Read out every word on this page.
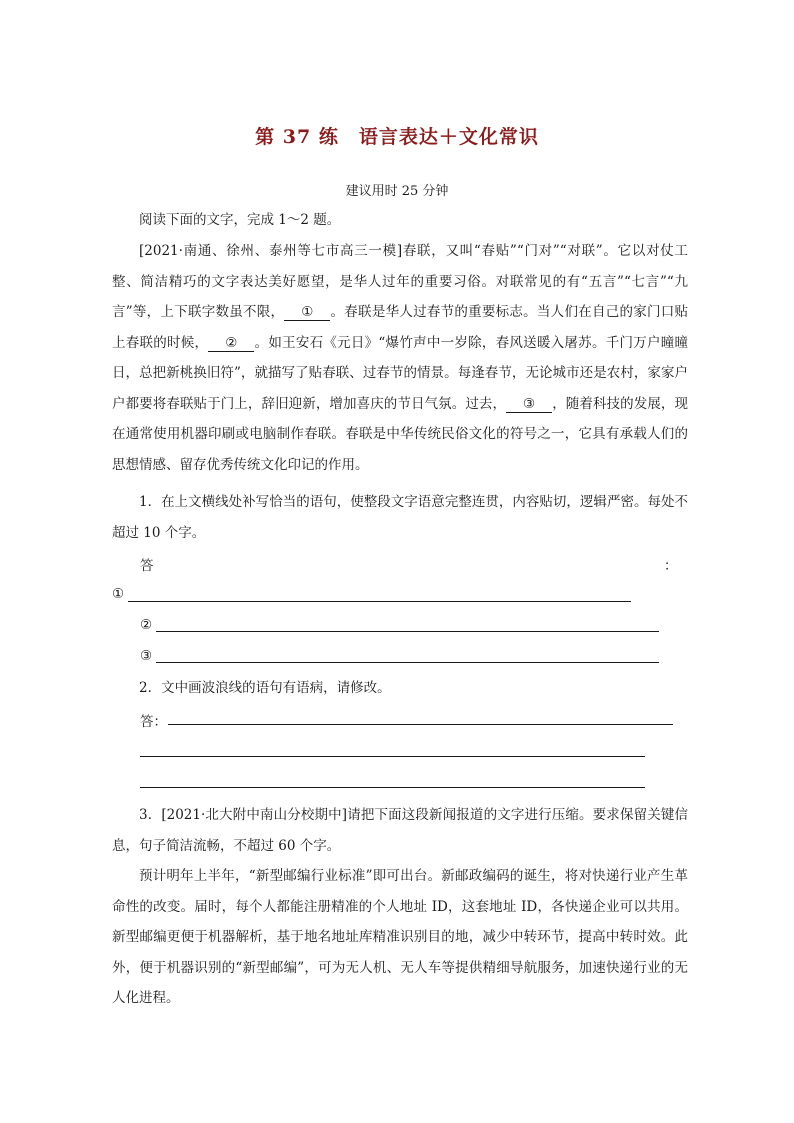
第 37 练　语言表达＋文化常识
建议用时 25 分钟
阅读下面的文字，完成 1～2 题。
[2021·南通、徐州、泰州等七市高三一模]春联，又叫“春贴”“门对”“对联”。它以对仗工整、简洁精巧的文字表达美好愿望，是华人过年的重要习俗。对联常见的有“五言”“七言”“九言”等，上下联字数虽不限， ① 。春联是华人过春节的重要标志。当人们在自己的家门口贴上春联的时候， ② 。如王安石《元日》“爆竹声中一岁除，春风送暖入屠苏。千门万户曈曈日，总把新桃换旧符”，就描写了贴春联、过春节的情景。每逢春节，无论城市还是农村，家家户户都要将春联贴于门上，辞旧迎新，增加喜庆的节日气氛。过去， ③ ，随着科技的发展，现在通常使用机器印刷或电脑制作春联。春联是中华传统民俗文化的符号之一，它具有承载人们的思想情感、留存优秀传统文化印记的作用。
1．在上文横线处补写恰当的语句，使整段文字语意完整连贯，内容贴切，逻辑严密。每处不超过 10 个字。
答	：
①
②
③
2．文中画波浪线的语句有语病，请修改。
答：
3．[2021·北大附中南山分校期中]请把下面这段新闻报道的文字进行压缩。要求保留关键信息，句子简洁流畅，不超过 60 个字。
预计明年上半年，“新型邮编行业标准”即可出台。新邮政编码的诞生，将对快递行业产生革命性的改变。届时，每个人都能注册精准的个人地址 ID，这套地址 ID，各快递企业可以共用。新型邮编更便于机器解析，基于地名地址库精准识别目的地，减少中转环节，提高中转时效。此外，便于机器识别的“新型邮编”，可为无人机、无人车等提供精细导航服务，加速快递行业的无人化进程。
